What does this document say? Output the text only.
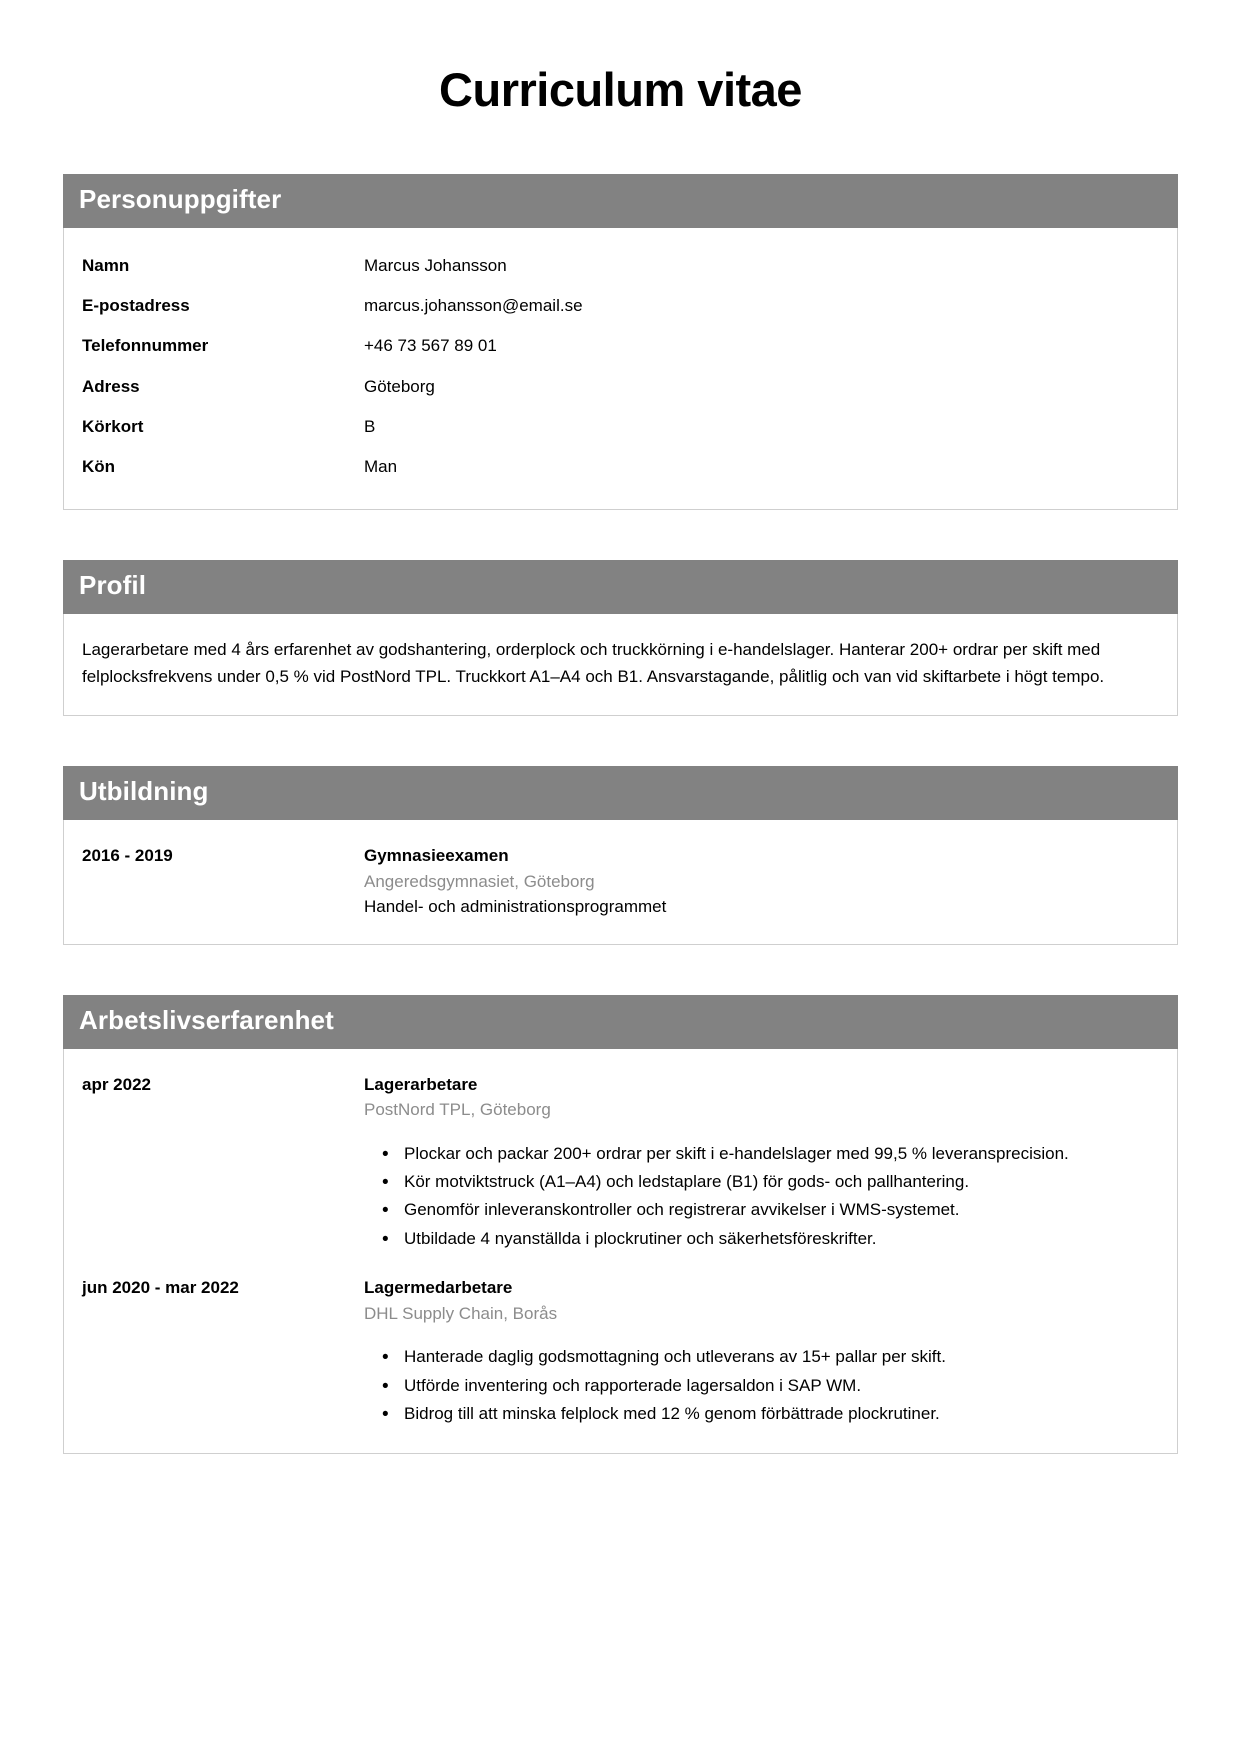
Curriculum vitae
Personuppgifter
Namn	Marcus Johansson
E-postadress	marcus.johansson@email.se
Telefonnummer	+46 73 567 89 01
Adress	Göteborg
Körkort	B
Kön	Man
Profil

Lagerarbetare med 4 års erfarenhet av godshantering, orderplock och truckkörning i e-handelslager. Hanterar 200+ ordrar per skift med felplocksfrekvens under 0,5 % vid PostNord TPL. Truckkort A1–A4 och B1. Ansvarstagande, pålitlig och van vid skiftarbete i högt tempo.

Utbildning
2016 - 2019	Gymnasieexamen
Angeredsgymnasiet, Göteborg
Handel- och administrationsprogrammet
Arbetslivserfarenhet
apr 2022	Lagerarbetare
PostNord TPL, Göteborg
• Plockar och packar 200+ ordrar per skift i e-handelslager med 99,5 % leveransprecision.
• Kör motviktstruck (A1–A4) och ledstaplare (B1) för gods- och pallhantering.
• Genomför inleveranskontroller och registrerar avvikelser i WMS-systemet.
• Utbildade 4 nyanställda i plockrutiner och säkerhetsföreskrifter.
jun 2020 - mar 2022	Lagermedarbetare
DHL Supply Chain, Borås
• Hanterade daglig godsmottagning och utleverans av 15+ pallar per skift.
• Utförde inventering och rapporterade lagersaldon i SAP WM.
• Bidrog till att minska felplock med 12 % genom förbättrade plockrutiner.
